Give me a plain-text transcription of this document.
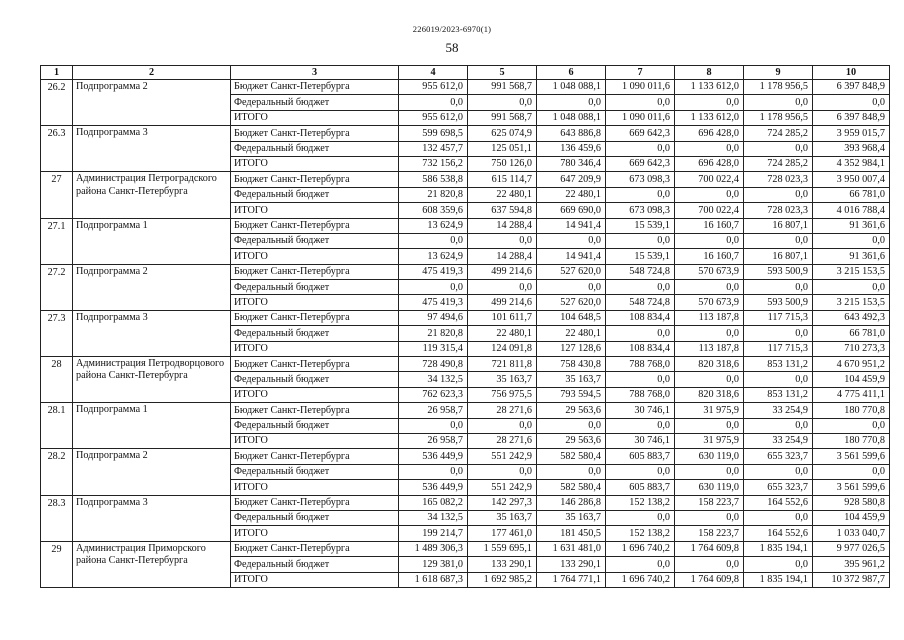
226019/2023-6970(1)
58
1	2	3	4	5	6	7	8	9	10
26.2	Подпрограмма 2	Бюджет Санкт-Петербурга	955 612,0	991 568,7	1 048 088,1	1 090 011,6	1 133 612,0	1 178 956,5	6 397 848,9
		Федеральный бюджет	0,0	0,0	0,0	0,0	0,0	0,0	0,0
		ИТОГО	955 612,0	991 568,7	1 048 088,1	1 090 011,6	1 133 612,0	1 178 956,5	6 397 848,9
26.3	Подпрограмма 3	Бюджет Санкт-Петербурга	599 698,5	625 074,9	643 886,8	669 642,3	696 428,0	724 285,2	3 959 015,7
		Федеральный бюджет	132 457,7	125 051,1	136 459,6	0,0	0,0	0,0	393 968,4
		ИТОГО	732 156,2	750 126,0	780 346,4	669 642,3	696 428,0	724 285,2	4 352 984,1
27	Администрация Петроградского района Санкт-Петербурга	Бюджет Санкт-Петербурга	586 538,8	615 114,7	647 209,9	673 098,3	700 022,4	728 023,3	3 950 007,4
		Федеральный бюджет	21 820,8	22 480,1	22 480,1	0,0	0,0	0,0	66 781,0
		ИТОГО	608 359,6	637 594,8	669 690,0	673 098,3	700 022,4	728 023,3	4 016 788,4
27.1	Подпрограмма 1	Бюджет Санкт-Петербурга	13 624,9	14 288,4	14 941,4	15 539,1	16 160,7	16 807,1	91 361,6
		Федеральный бюджет	0,0	0,0	0,0	0,0	0,0	0,0	0,0
		ИТОГО	13 624,9	14 288,4	14 941,4	15 539,1	16 160,7	16 807,1	91 361,6
27.2	Подпрограмма 2	Бюджет Санкт-Петербурга	475 419,3	499 214,6	527 620,0	548 724,8	570 673,9	593 500,9	3 215 153,5
		Федеральный бюджет	0,0	0,0	0,0	0,0	0,0	0,0	0,0
		ИТОГО	475 419,3	499 214,6	527 620,0	548 724,8	570 673,9	593 500,9	3 215 153,5
27.3	Подпрограмма 3	Бюджет Санкт-Петербурга	97 494,6	101 611,7	104 648,5	108 834,4	113 187,8	117 715,3	643 492,3
		Федеральный бюджет	21 820,8	22 480,1	22 480,1	0,0	0,0	0,0	66 781,0
		ИТОГО	119 315,4	124 091,8	127 128,6	108 834,4	113 187,8	117 715,3	710 273,3
28	Администрация Петродворцового района Санкт-Петербурга	Бюджет Санкт-Петербурга	728 490,8	721 811,8	758 430,8	788 768,0	820 318,6	853 131,2	4 670 951,2
		Федеральный бюджет	34 132,5	35 163,7	35 163,7	0,0	0,0	0,0	104 459,9
		ИТОГО	762 623,3	756 975,5	793 594,5	788 768,0	820 318,6	853 131,2	4 775 411,1
28.1	Подпрограмма 1	Бюджет Санкт-Петербурга	26 958,7	28 271,6	29 563,6	30 746,1	31 975,9	33 254,9	180 770,8
		Федеральный бюджет	0,0	0,0	0,0	0,0	0,0	0,0	0,0
		ИТОГО	26 958,7	28 271,6	29 563,6	30 746,1	31 975,9	33 254,9	180 770,8
28.2	Подпрограмма 2	Бюджет Санкт-Петербурга	536 449,9	551 242,9	582 580,4	605 883,7	630 119,0	655 323,7	3 561 599,6
		Федеральный бюджет	0,0	0,0	0,0	0,0	0,0	0,0	0,0
		ИТОГО	536 449,9	551 242,9	582 580,4	605 883,7	630 119,0	655 323,7	3 561 599,6
28.3	Подпрограмма 3	Бюджет Санкт-Петербурга	165 082,2	142 297,3	146 286,8	152 138,2	158 223,7	164 552,6	928 580,8
		Федеральный бюджет	34 132,5	35 163,7	35 163,7	0,0	0,0	0,0	104 459,9
		ИТОГО	199 214,7	177 461,0	181 450,5	152 138,2	158 223,7	164 552,6	1 033 040,7
29	Администрация Приморского района Санкт-Петербурга	Бюджет Санкт-Петербурга	1 489 306,3	1 559 695,1	1 631 481,0	1 696 740,2	1 764 609,8	1 835 194,1	9 977 026,5
		Федеральный бюджет	129 381,0	133 290,1	133 290,1	0,0	0,0	0,0	395 961,2
		ИТОГО	1 618 687,3	1 692 985,2	1 764 771,1	1 696 740,2	1 764 609,8	1 835 194,1	10 372 987,7
